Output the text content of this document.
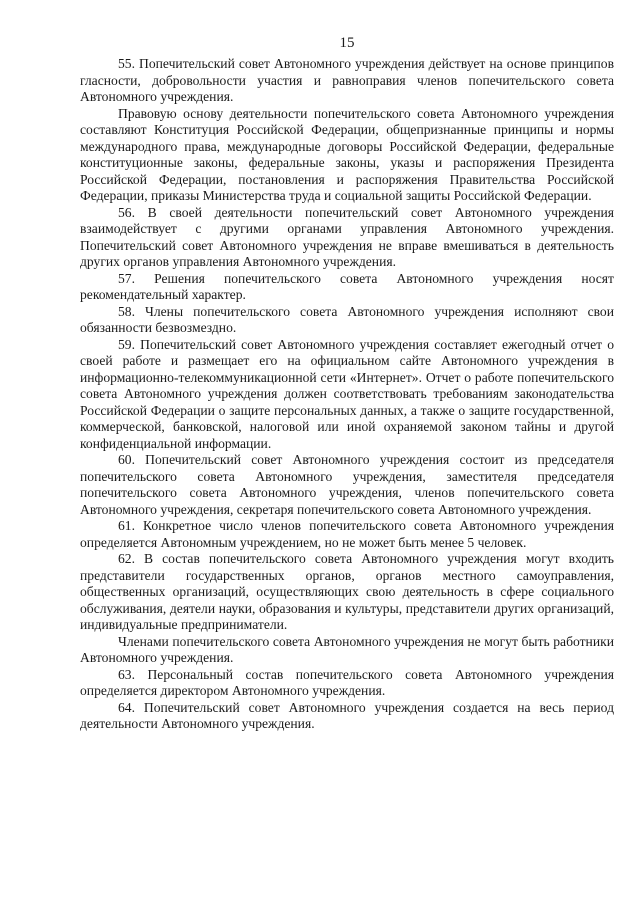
15

55. Попечительский совет Автономного учреждения действует на основе принципов гласности, добровольности участия и равноправия членов попечительского совета Автономного учреждения.

Правовую основу деятельности попечительского совета Автономного учреждения составляют Конституция Российской Федерации, общепризнанные принципы и нормы международного права, международные договоры Российской Федерации, федеральные конституционные законы, федеральные законы, указы и распоряжения Президента Российской Федерации, постановления и распоряжения Правительства Российской Федерации, приказы Министерства труда и социальной защиты Российской Федерации.

56. В своей деятельности попечительский совет Автономного учреждения взаимодействует с другими органами управления Автономного учреждения. Попечительский совет Автономного учреждения не вправе вмешиваться в деятельность других органов управления Автономного учреждения.

57. Решения попечительского совета Автономного учреждения носят рекомендательный характер.

58. Члены попечительского совета Автономного учреждения исполняют свои обязанности безвозмездно.

59. Попечительский совет Автономного учреждения составляет ежегодный отчет о своей работе и размещает его на официальном сайте Автономного учреждения в информационно-телекоммуникационной сети «Интернет». Отчет о работе попечительского совета Автономного учреждения должен соответствовать требованиям законодательства Российской Федерации о защите персональных данных, а также о защите государственной, коммерческой, банковской, налоговой или иной охраняемой законом тайны и другой конфиденциальной информации.

60. Попечительский совет Автономного учреждения состоит из председателя попечительского совета Автономного учреждения, заместителя председателя попечительского совета Автономного учреждения, членов попечительского совета Автономного учреждения, секретаря попечительского совета Автономного учреждения.

61. Конкретное число членов попечительского совета Автономного учреждения определяется Автономным учреждением, но не может быть менее 5 человек.

62. В состав попечительского совета Автономного учреждения могут входить представители государственных органов, органов местного самоуправления, общественных организаций, осуществляющих свою деятельность в сфере социального обслуживания, деятели науки, образования и культуры, представители других организаций, индивидуальные предприниматели.

Членами попечительского совета Автономного учреждения не могут быть работники Автономного учреждения.

63. Персональный состав попечительского совета Автономного учреждения определяется директором Автономного учреждения.

64. Попечительский совет Автономного учреждения создается на весь период деятельности Автономного учреждения.
